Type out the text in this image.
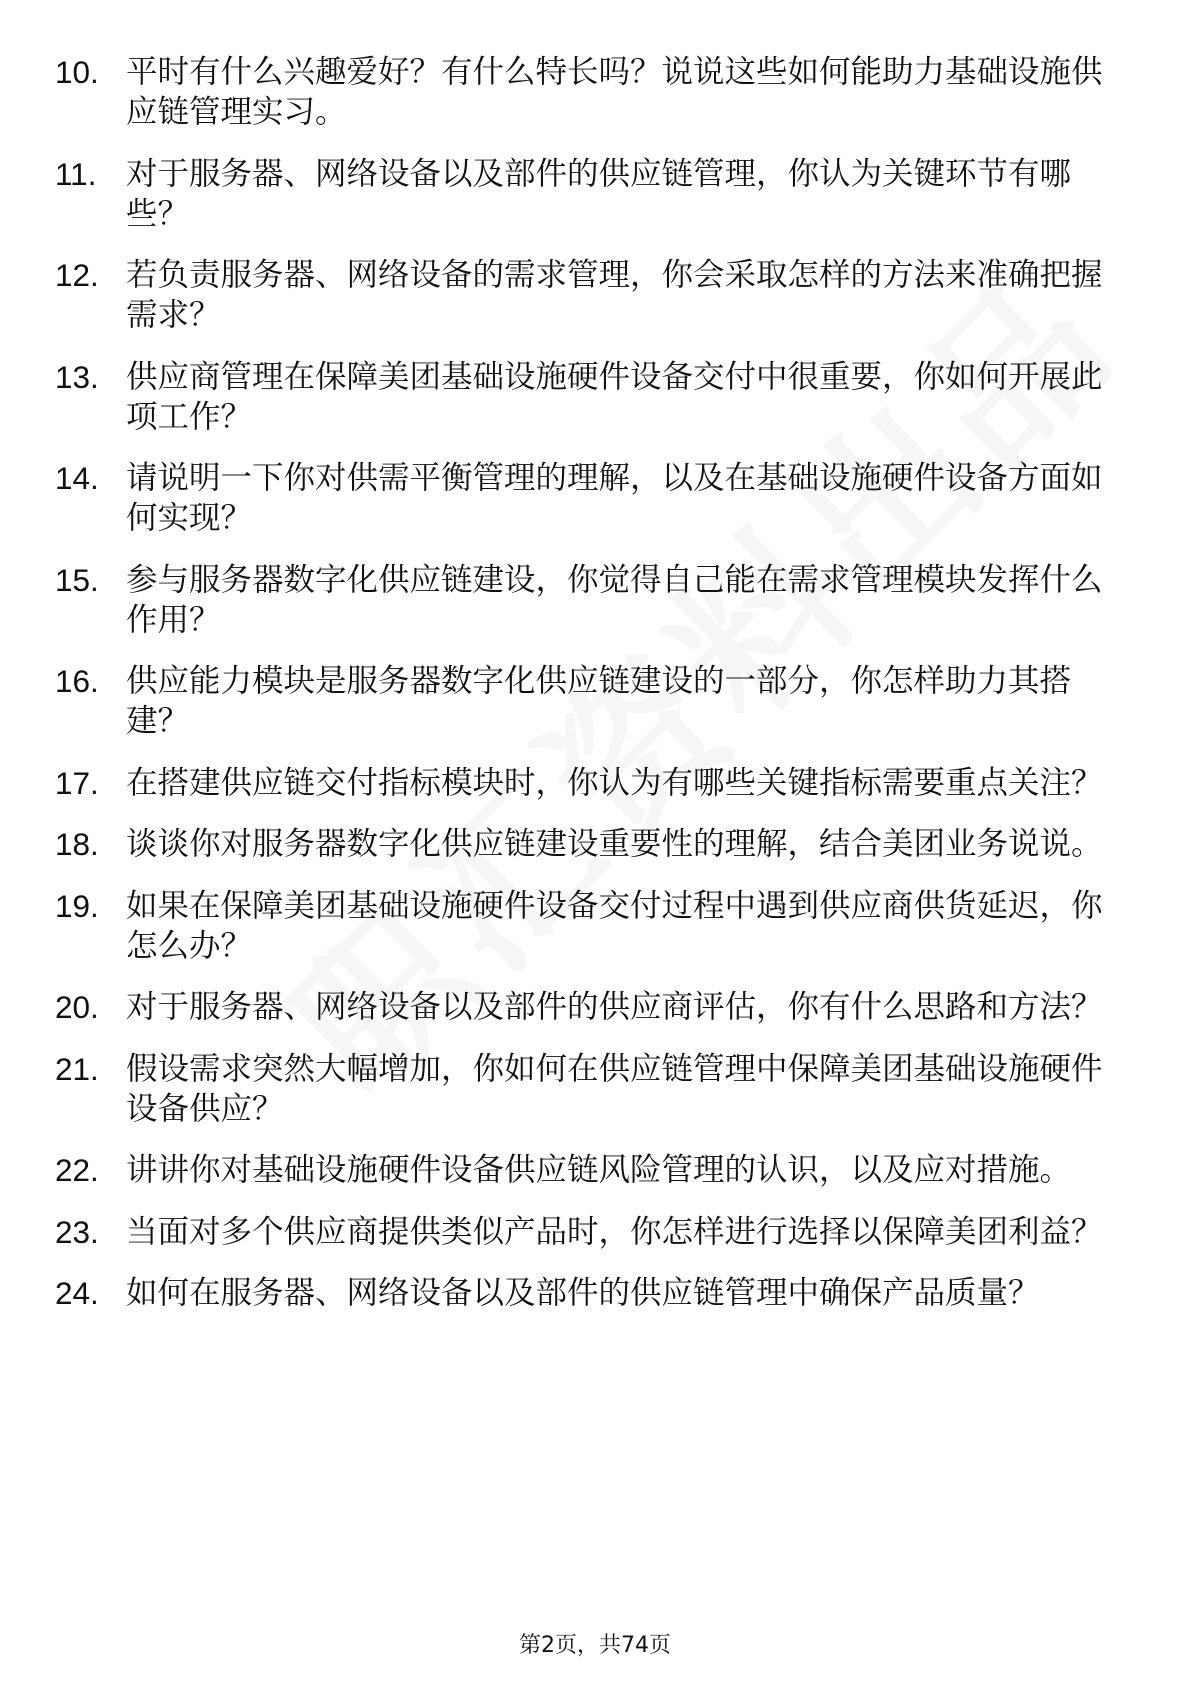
10. 平时有什么兴趣爱好？有什么特长吗？说说这些如何能助力基础设施供应链管理实习。
11. 对于服务器、网络设备以及部件的供应链管理，你认为关键环节有哪些？
12. 若负责服务器、网络设备的需求管理，你会采取怎样的方法来准确把握需求？
13. 供应商管理在保障美团基础设施硬件设备交付中很重要，你如何开展此项工作？
14. 请说明一下你对供需平衡管理的理解，以及在基础设施硬件设备方面如何实现？
15. 参与服务器数字化供应链建设，你觉得自己能在需求管理模块发挥什么作用？
16. 供应能力模块是服务器数字化供应链建设的一部分，你怎样助力其搭建？
17. 在搭建供应链交付指标模块时，你认为有哪些关键指标需要重点关注？
18. 谈谈你对服务器数字化供应链建设重要性的理解，结合美团业务说说。
19. 如果在保障美团基础设施硬件设备交付过程中遇到供应商供货延迟，你怎么办？
20. 对于服务器、网络设备以及部件的供应商评估，你有什么思路和方法？
21. 假设需求突然大幅增加，你如何在供应链管理中保障美团基础设施硬件设备供应？
22. 讲讲你对基础设施硬件设备供应链风险管理的认识，以及应对措施。
23. 当面对多个供应商提供类似产品时，你怎样进行选择以保障美团利益？
24. 如何在服务器、网络设备以及部件的供应链管理中确保产品质量？
第2页，共74页
